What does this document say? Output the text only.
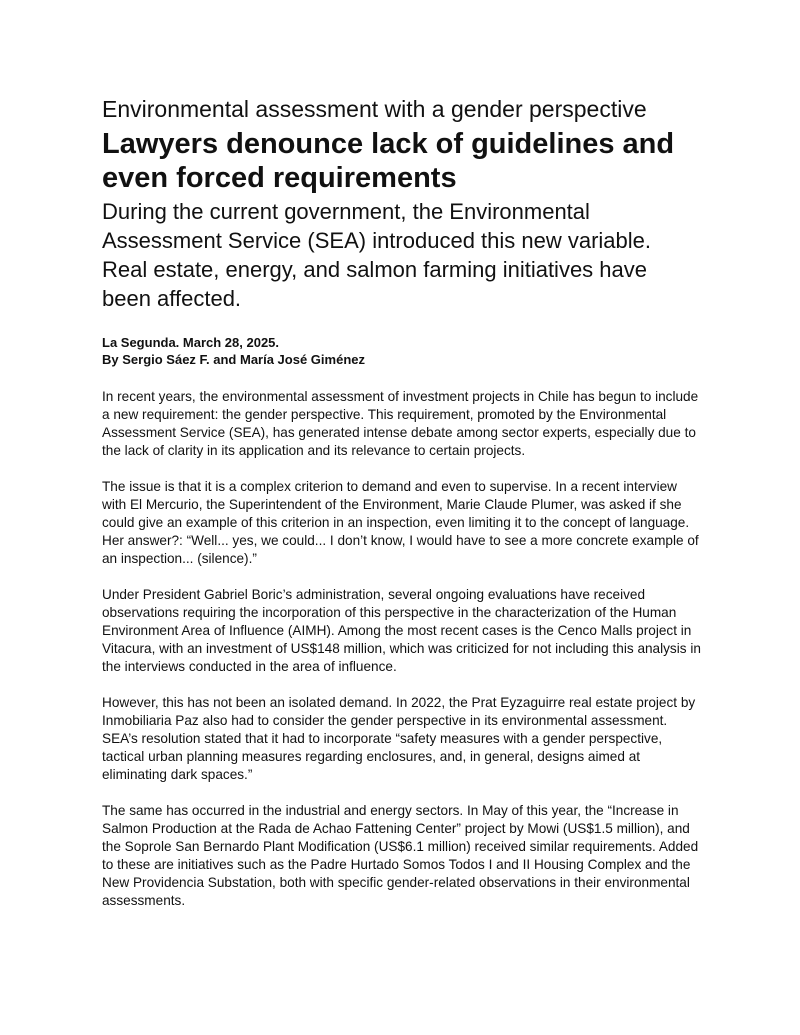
Environmental assessment with a gender perspective
Lawyers denounce lack of guidelines and even forced requirements
During the current government, the Environmental Assessment Service (SEA) introduced this new variable. Real estate, energy, and salmon farming initiatives have been affected.
La Segunda. March 28, 2025.
By Sergio Sáez F. and María José Giménez

In recent years, the environmental assessment of investment projects in Chile has begun to include a new requirement: the gender perspective. This requirement, promoted by the Environmental Assessment Service (SEA), has generated intense debate among sector experts, especially due to the lack of clarity in its application and its relevance to certain projects.

The issue is that it is a complex criterion to demand and even to supervise. In a recent interview with El Mercurio, the Superintendent of the Environment, Marie Claude Plumer, was asked if she could give an example of this criterion in an inspection, even limiting it to the concept of language. Her answer?: “Well... yes, we could... I don’t know, I would have to see a more concrete example of an inspection... (silence).”

Under President Gabriel Boric’s administration, several ongoing evaluations have received observations requiring the incorporation of this perspective in the characterization of the Human Environment Area of Influence (AIMH). Among the most recent cases is the Cenco Malls project in Vitacura, with an investment of US$148 million, which was criticized for not including this analysis in the interviews conducted in the area of influence.

However, this has not been an isolated demand. In 2022, the Prat Eyzaguirre real estate project by Inmobiliaria Paz also had to consider the gender perspective in its environmental assessment. SEA’s resolution stated that it had to incorporate “safety measures with a gender perspective, tactical urban planning measures regarding enclosures, and, in general, designs aimed at eliminating dark spaces.”

The same has occurred in the industrial and energy sectors. In May of this year, the “Increase in Salmon Production at the Rada de Achao Fattening Center” project by Mowi (US$1.5 million), and the Soprole San Bernardo Plant Modification (US$6.1 million) received similar requirements. Added to these are initiatives such as the Padre Hurtado Somos Todos I and II Housing Complex and the New Providencia Substation, both with specific gender-related observations in their environmental assessments.
